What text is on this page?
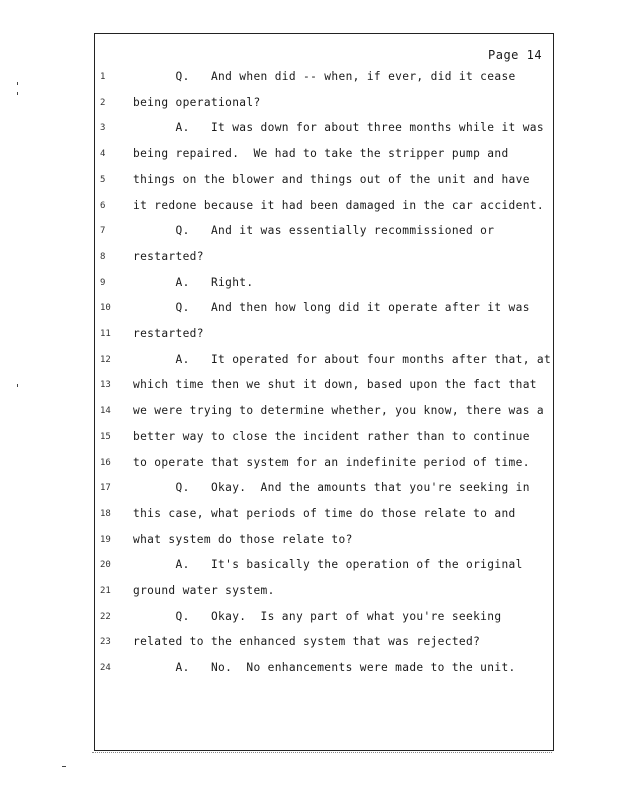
Page 14
1	Q.   And when did -- when, if ever, did it cease
2	being operational?
3	A.   It was down for about three months while it was
4	being repaired.  We had to take the stripper pump and
5	things on the blower and things out of the unit and have
6	it redone because it had been damaged in the car accident.
7	Q.   And it was essentially recommissioned or
8	restarted?
9	A.   Right.
10	Q.   And then how long did it operate after it was
11	restarted?
12	A.   It operated for about four months after that, at
13	which time then we shut it down, based upon the fact that
14	we were trying to determine whether, you know, there was a
15	better way to close the incident rather than to continue
16	to operate that system for an indefinite period of time.
17	Q.   Okay.  And the amounts that you're seeking in
18	this case, what periods of time do those relate to and
19	what system do those relate to?
20	A.   It's basically the operation of the original
21	ground water system.
22	Q.   Okay.  Is any part of what you're seeking
23	related to the enhanced system that was rejected?
24	A.   No.  No enhancements were made to the unit.
